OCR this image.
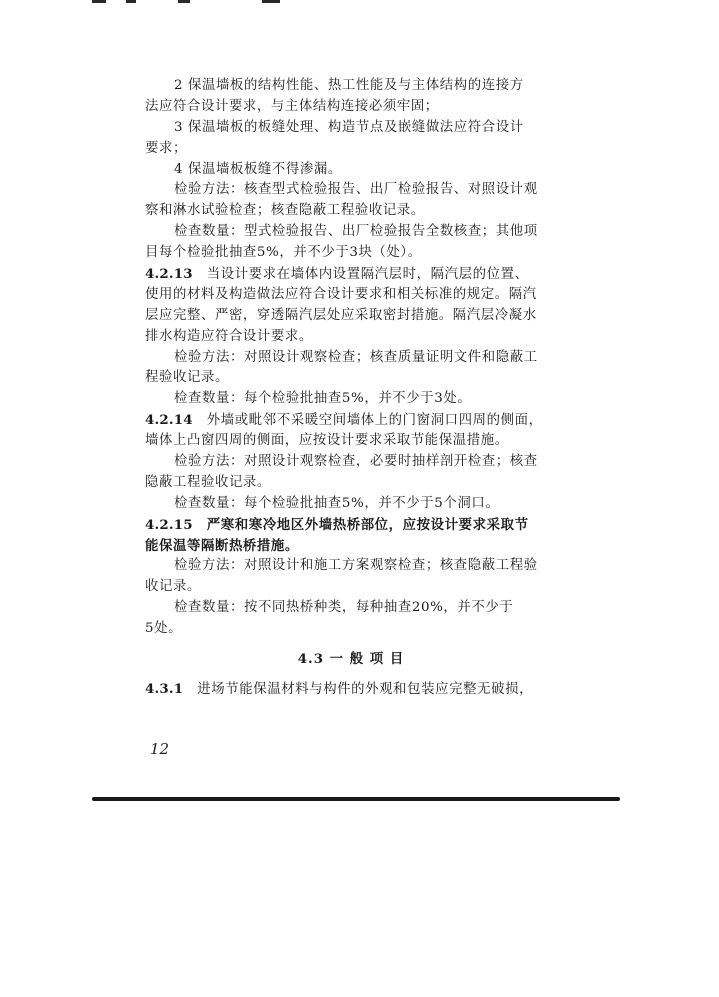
2 保温墙板的结构性能、热工性能及与主体结构的连接方
法应符合设计要求，与主体结构连接必须牢固；
3 保温墙板的板缝处理、构造节点及嵌缝做法应符合设计
要求；
4 保温墙板板缝不得渗漏。
检验方法：核查型式检验报告、出厂检验报告、对照设计观
察和淋水试验检查；核查隐蔽工程验收记录。
检查数量：型式检验报告、出厂检验报告全数核查；其他项
目每个检验批抽查5%，并不少于3块（处）。
4.2.13  当设计要求在墙体内设置隔汽层时，隔汽层的位置、
使用的材料及构造做法应符合设计要求和相关标准的规定。隔汽
层应完整、严密，穿透隔汽层处应采取密封措施。隔汽层冷凝水
排水构造应符合设计要求。
检验方法：对照设计观察检查；核查质量证明文件和隐蔽工
程验收记录。
检查数量：每个检验批抽查5%，并不少于3处。
4.2.14  外墙或毗邻不采暖空间墙体上的门窗洞口四周的侧面，
墙体上凸窗四周的侧面，应按设计要求采取节能保温措施。
检验方法：对照设计观察检查，必要时抽样剖开检查；核查
隐蔽工程验收记录。
检查数量：每个检验批抽查5%，并不少于5个洞口。
4.2.15  严寒和寒冷地区外墙热桥部位，应按设计要求采取节
能保温等隔断热桥措施。
检验方法：对照设计和施工方案观察检查；核查隐蔽工程验
收记录。
检查数量：按不同热桥种类，每种抽查20%，并不少于
5处。
4.3 一 般 项 目
4.3.1  进场节能保温材料与构件的外观和包装应完整无破损，
12
